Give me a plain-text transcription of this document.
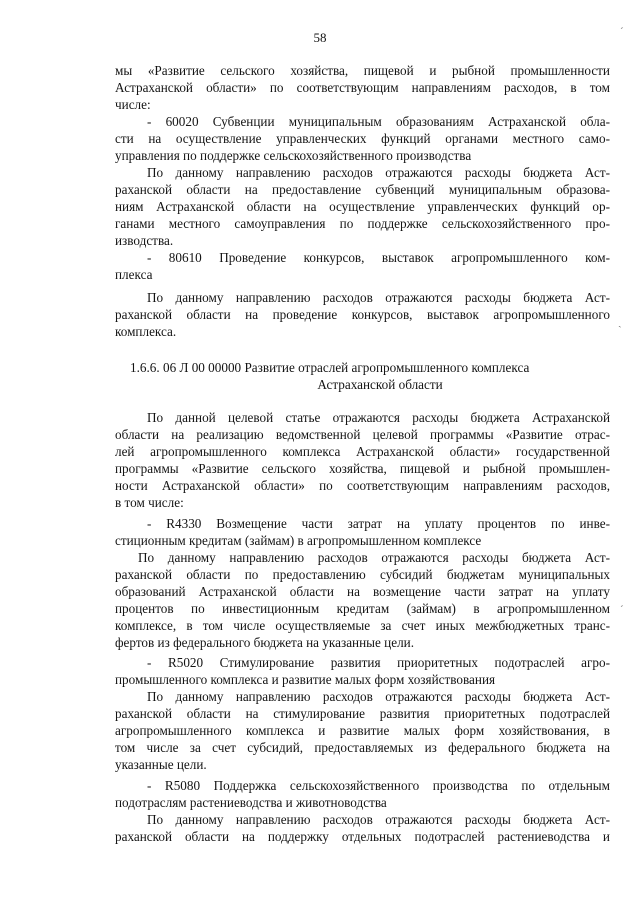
58

мы «Развитие сельского хозяйства, пищевой и рыбной промышленности

Астраханской области» по соответствующим направлениям расходов, в том

числе:

- 60020 Субвенции муниципальным образованиям Астраханской обла-

сти на осуществление управленческих функций органами местного само-

управления по поддержке сельскохозяйственного производства

По данному направлению расходов отражаются расходы бюджета Аст-

раханской области на предоставление субвенций муниципальным образова-

ниям Астраханской области на осуществление управленческих функций ор-

ганами местного самоуправления по поддержке сельскохозяйственного про-

изводства.

- 80610 Проведение конкурсов, выставок агропромышленного ком-

плекса

По данному направлению расходов отражаются расходы бюджета Аст-

раханской области на проведение конкурсов, выставок агропромышленного

комплекса.

1.6.6. 06 Л 00 00000 Развитие отраслей агропромышленного комплекса
Астраханской области

По данной целевой статье отражаются расходы бюджета Астраханской

области на реализацию ведомственной целевой программы «Развитие отрас-

лей агропромышленного комплекса Астраханской области» государственной

программы «Развитие сельского хозяйства, пищевой и рыбной промышлен-

ности Астраханской области» по соответствующим направлениям расходов,

в том числе:

- R4330 Возмещение части затрат на уплату процентов по инве-

стиционным кредитам (займам) в агропромышленном комплексе

По данному направлению расходов отражаются расходы бюджета Аст-

раханской области по предоставлению субсидий бюджетам муниципальных

образований Астраханской области на возмещение части затрат на уплату

процентов по инвестиционным кредитам (займам) в агропромышленном

комплексе, в том числе осуществляемые за счет иных межбюджетных транс-

фертов из федерального бюджета на указанные цели.

- R5020 Стимулирование развития приоритетных подотраслей агро-

промышленного комплекса и развитие малых форм хозяйствования

По данному направлению расходов отражаются расходы бюджета Аст-

раханской области на стимулирование развития приоритетных подотраслей

агропромышленного комплекса и развитие малых форм хозяйствования, в

том числе за счет субсидий, предоставляемых из федерального бюджета на

указанные цели.

- R5080 Поддержка сельскохозяйственного производства по отдельным

подотраслям растениеводства и животноводства

По данному направлению расходов отражаются расходы бюджета Аст-

раханской области на поддержку отдельных подотраслей растениеводства и

ˊ
ˏ
ˊ
